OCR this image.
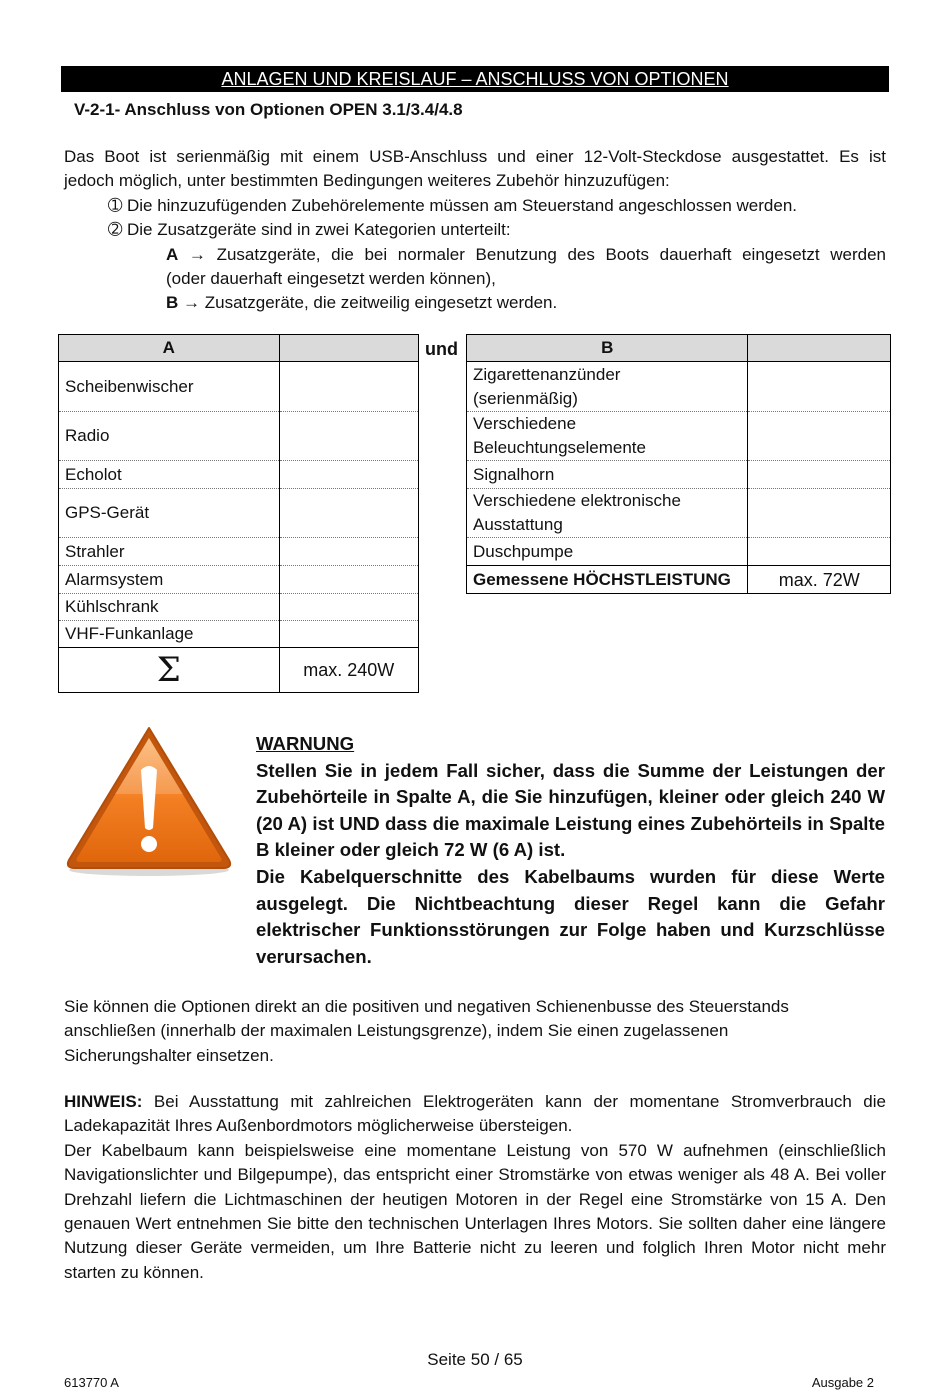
ANLAGEN UND KREISLAUF – ANSCHLUSS VON OPTIONEN
V-2-1- Anschluss von Optionen OPEN 3.1/3.4/4.8

Das Boot ist serienmäßig mit einem USB-Anschluss und einer 12-Volt-Steckdose ausgestattet. Es ist

jedoch möglich, unter bestimmten Bedingungen weiteres Zubehör hinzuzufügen:

➀ Die hinzuzufügenden Zubehörelemente müssen am Steuerstand angeschlossen werden.

➁ Die Zusatzgeräte sind in zwei Kategorien unterteilt:

A → Zusatzgeräte, die bei normaler Benutzung des Boots dauerhaft eingesetzt werden

(oder dauerhaft eingesetzt werden können),

B → Zusatzgeräte, die zeitweilig eingesetzt werden.

A	
Scheibenwischer	
Radio	
Echolot	
GPS-Gerät	
Strahler	
Alarmsystem	
Kühlschrank	
VHF-Funkanlage	
Σ	max. 240W
und	B	

Zigarettenanzünder
(serienmäßig)	

Verschiedene
Beleuchtungselemente	

Signalhorn	

Verschiedene elektronische
Ausstattung	

Duschpumpe	
Gemessene HÖCHSTLEISTUNG	max. 72W

WARNUNG

Stellen Sie in jedem Fall sicher, dass die Summe der Leistungen der Zubehörteile in Spalte A, die Sie hinzufügen, kleiner oder gleich 240 W (20 A) ist UND dass die maximale Leistung eines Zubehörteils in Spalte B kleiner oder gleich 72 W (6 A) ist.

Die Kabelquerschnitte des Kabelbaums wurden für diese Werte ausgelegt. Die Nichtbeachtung dieser Regel kann die Gefahr elektrischer Funktionsstörungen zur Folge haben und Kurzschlüsse verursachen.

Sie können die Optionen direkt an die positiven und negativen Schienenbusse des Steuerstands

anschließen (innerhalb der maximalen Leistungsgrenze), indem Sie einen zugelassenen

Sicherungshalter einsetzen.

HINWEIS: Bei Ausstattung mit zahlreichen Elektrogeräten kann der momentane Stromverbrauch die Ladekapazität Ihres Außenbordmotors möglicherweise übersteigen.

Der Kabelbaum kann beispielsweise eine momentane Leistung von 570 W aufnehmen (einschließlich Navigationslichter und Bilgepumpe), das entspricht einer Stromstärke von etwas weniger als 48 A. Bei voller Drehzahl liefern die Lichtmaschinen der heutigen Motoren in der Regel eine Stromstärke von 15 A. Den genauen Wert entnehmen Sie bitte den technischen Unterlagen Ihres Motors. Sie sollten daher eine längere Nutzung dieser Geräte vermeiden, um Ihre Batterie nicht zu leeren und folglich Ihren Motor nicht mehr starten zu können.

Seite 50 / 65
613770 A	Ausgabe 2
